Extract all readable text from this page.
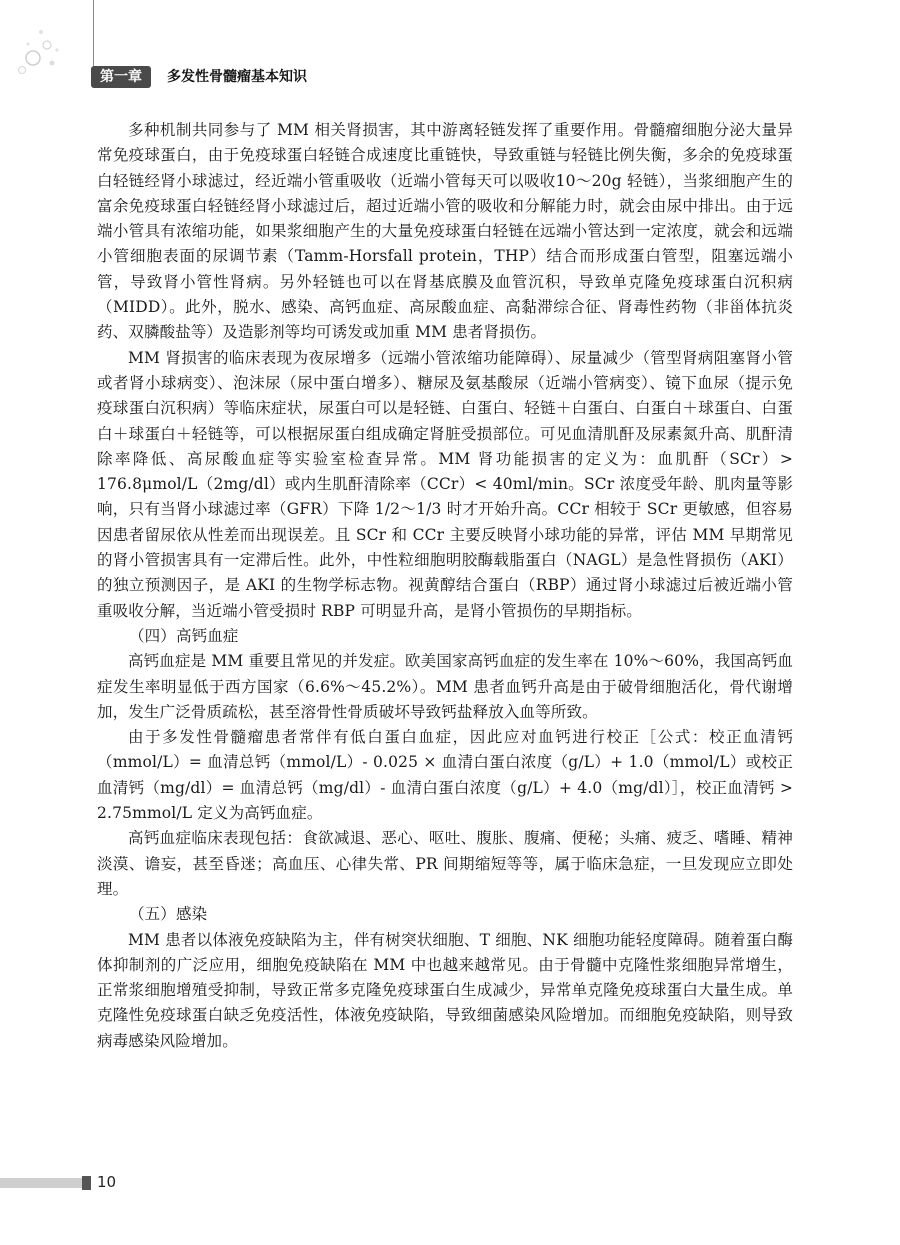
第一章	多发性骨髓瘤基本知识

多种机制共同参与了 MM 相关肾损害，其中游离轻链发挥了重要作用。骨髓瘤细胞分泌大量异常免疫球蛋白，由于免疫球蛋白轻链合成速度比重链快，导致重链与轻链比例失衡，多余的免疫球蛋白轻链经肾小球滤过，经近端小管重吸收（近端小管每天可以吸收10～20g 轻链），当浆细胞产生的富余免疫球蛋白轻链经肾小球滤过后，超过近端小管的吸收和分解能力时，就会由尿中排出。由于远端小管具有浓缩功能，如果浆细胞产生的大量免疫球蛋白轻链在远端小管达到一定浓度，就会和远端小管细胞表面的尿调节素（Tamm-Horsfall protein，THP）结合而形成蛋白管型，阻塞远端小管，导致肾小管性肾病。另外轻链也可以在肾基底膜及血管沉积，导致单克隆免疫球蛋白沉积病（MIDD）。此外，脱水、感染、高钙血症、高尿酸血症、高黏滞综合征、肾毒性药物（非甾体抗炎药、双膦酸盐等）及造影剂等均可诱发或加重 MM 患者肾损伤。

MM 肾损害的临床表现为夜尿增多（远端小管浓缩功能障碍）、尿量减少（管型肾病阻塞肾小管或者肾小球病变）、泡沫尿（尿中蛋白增多）、糖尿及氨基酸尿（近端小管病变）、镜下血尿（提示免疫球蛋白沉积病）等临床症状，尿蛋白可以是轻链、白蛋白、轻链＋白蛋白、白蛋白＋球蛋白、白蛋白＋球蛋白＋轻链等，可以根据尿蛋白组成确定肾脏受损部位。可见血清肌酐及尿素氮升高、肌酐清除率降低、高尿酸血症等实验室检查异常。MM 肾功能损害的定义为：血肌酐（SCr）> 176.8μmol/L（2mg/dl）或内生肌酐清除率（CCr）< 40ml/min。SCr 浓度受年龄、肌肉量等影响，只有当肾小球滤过率（GFR）下降 1/2～1/3 时才开始升高。CCr 相较于 SCr 更敏感，但容易因患者留尿依从性差而出现误差。且 SCr 和 CCr 主要反映肾小球功能的异常，评估 MM 早期常见的肾小管损害具有一定滞后性。此外，中性粒细胞明胶酶载脂蛋白（NAGL）是急性肾损伤（AKI）的独立预测因子，是 AKI 的生物学标志物。视黄醇结合蛋白（RBP）通过肾小球滤过后被近端小管重吸收分解，当近端小管受损时 RBP 可明显升高，是肾小管损伤的早期指标。

（四）高钙血症

高钙血症是 MM 重要且常见的并发症。欧美国家高钙血症的发生率在 10%～60%，我国高钙血症发生率明显低于西方国家（6.6%～45.2%）。MM 患者血钙升高是由于破骨细胞活化，骨代谢增加，发生广泛骨质疏松，甚至溶骨性骨质破坏导致钙盐释放入血等所致。

由于多发性骨髓瘤患者常伴有低白蛋白血症，因此应对血钙进行校正［公式：校正血清钙（mmol/L）= 血清总钙（mmol/L）- 0.025 × 血清白蛋白浓度（g/L）+ 1.0（mmol/L）或校正血清钙（mg/dl）= 血清总钙（mg/dl）- 血清白蛋白浓度（g/L）+ 4.0（mg/dl）］，校正血清钙 > 2.75mmol/L 定义为高钙血症。

高钙血症临床表现包括：食欲减退、恶心、呕吐、腹胀、腹痛、便秘；头痛、疲乏、嗜睡、精神淡漠、谵妄，甚至昏迷；高血压、心律失常、PR 间期缩短等等，属于临床急症，一旦发现应立即处理。

（五）感染

MM 患者以体液免疫缺陷为主，伴有树突状细胞、T 细胞、NK 细胞功能轻度障碍。随着蛋白酶体抑制剂的广泛应用，细胞免疫缺陷在 MM 中也越来越常见。由于骨髓中克隆性浆细胞异常增生，正常浆细胞增殖受抑制，导致正常多克隆免疫球蛋白生成减少，异常单克隆免疫球蛋白大量生成。单克隆性免疫球蛋白缺乏免疫活性，体液免疫缺陷，导致细菌感染风险增加。而细胞免疫缺陷，则导致病毒感染风险增加。

10
